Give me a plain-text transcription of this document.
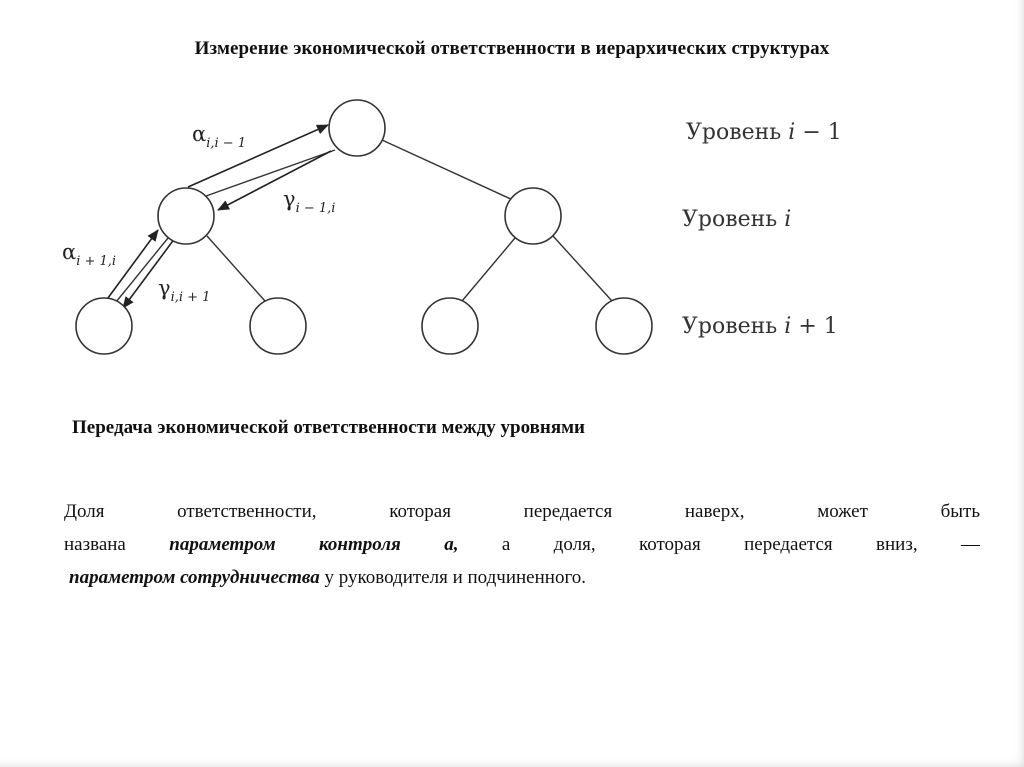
Измерение экономической ответственности в иерархических структурах
$\alpha_{i,i - 1}$
$\gamma_{i - 1,i}$
$\alpha_{i + 1,i}$
$\gamma_{i,i + 1}$
Уровень i − 1
Уровень i
Уровень i + 1
Передача экономической ответственности между уровнями
Доля ответственности, которая передается наверх, может быть
названа параметром контроля a, а доля, которая передается вниз, —
параметром сотрудничества у руководителя и подчиненного.
